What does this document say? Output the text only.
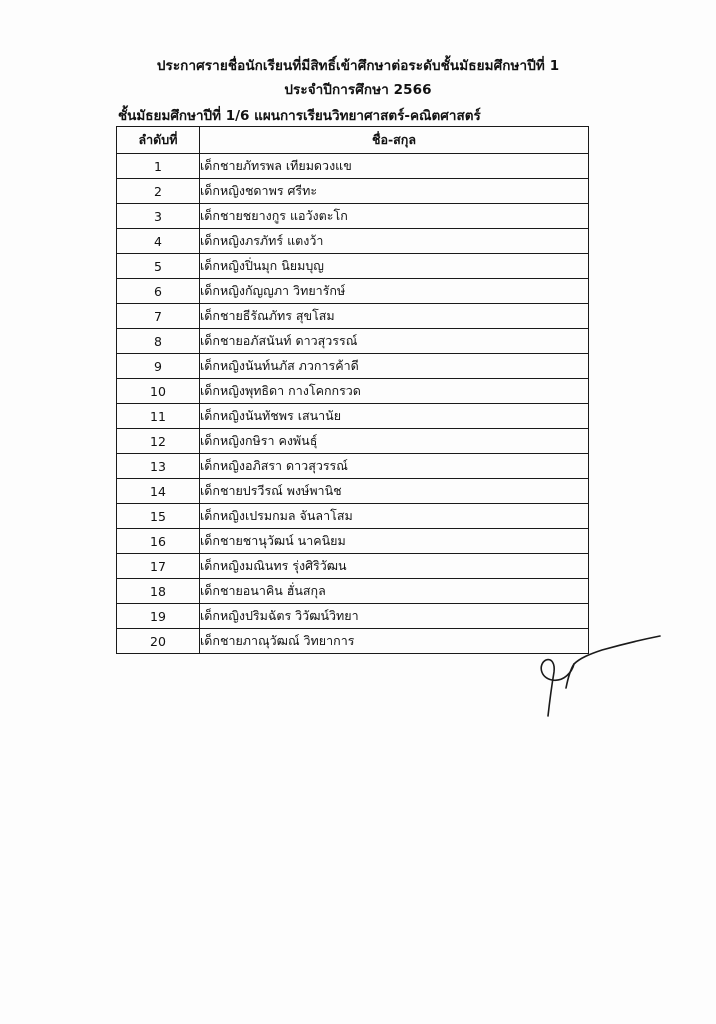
ประกาศรายชื่อนักเรียนที่มีสิทธิ์เข้าศึกษาต่อระดับชั้นมัธยมศึกษาปีที่ 1
ประจำปีการศึกษา 2566
ชั้นมัธยมศึกษาปีที่ 1/6 แผนการเรียนวิทยาศาสตร์-คณิตศาสตร์
ลำดับที่	ชื่อ-สกุล
1	เด็กชายภัทรพล เทียมดวงแข
2	เด็กหญิงชดาพร ศรีทะ
3	เด็กชายชยางกูร แอวังตะโก
4	เด็กหญิงภรภัทร์ แตงว้า
5	เด็กหญิงปิ่นมุก นิยมบุญ
6	เด็กหญิงกัญญภา วิทยารักษ์
7	เด็กชายธีรัณภัทร สุขโสม
8	เด็กชายอภัสนันท์ ดาวสุวรรณ์
9	เด็กหญิงนันท์นภัส ภวการค้าดี
10	เด็กหญิงพุทธิดา กางโคกกรวด
11	เด็กหญิงนันทัชพร เสนานัย
12	เด็กหญิงกษิรา คงพันธุ์
13	เด็กหญิงอภิสรา ดาวสุวรรณ์
14	เด็กชายปรวีรณ์ พงษ์พานิช
15	เด็กหญิงเปรมกมล จันลาโสม
16	เด็กชายชานุวัฒน์ นาคนิยม
17	เด็กหญิงมณินทร รุ่งศิริวัฒน
18	เด็กชายอนาคิน ฮั่นสกุล
19	เด็กหญิงปริมฉัตร วิวัฒน์วิทยา
20	เด็กชายภาณุวัฒณ์ วิทยาการ
